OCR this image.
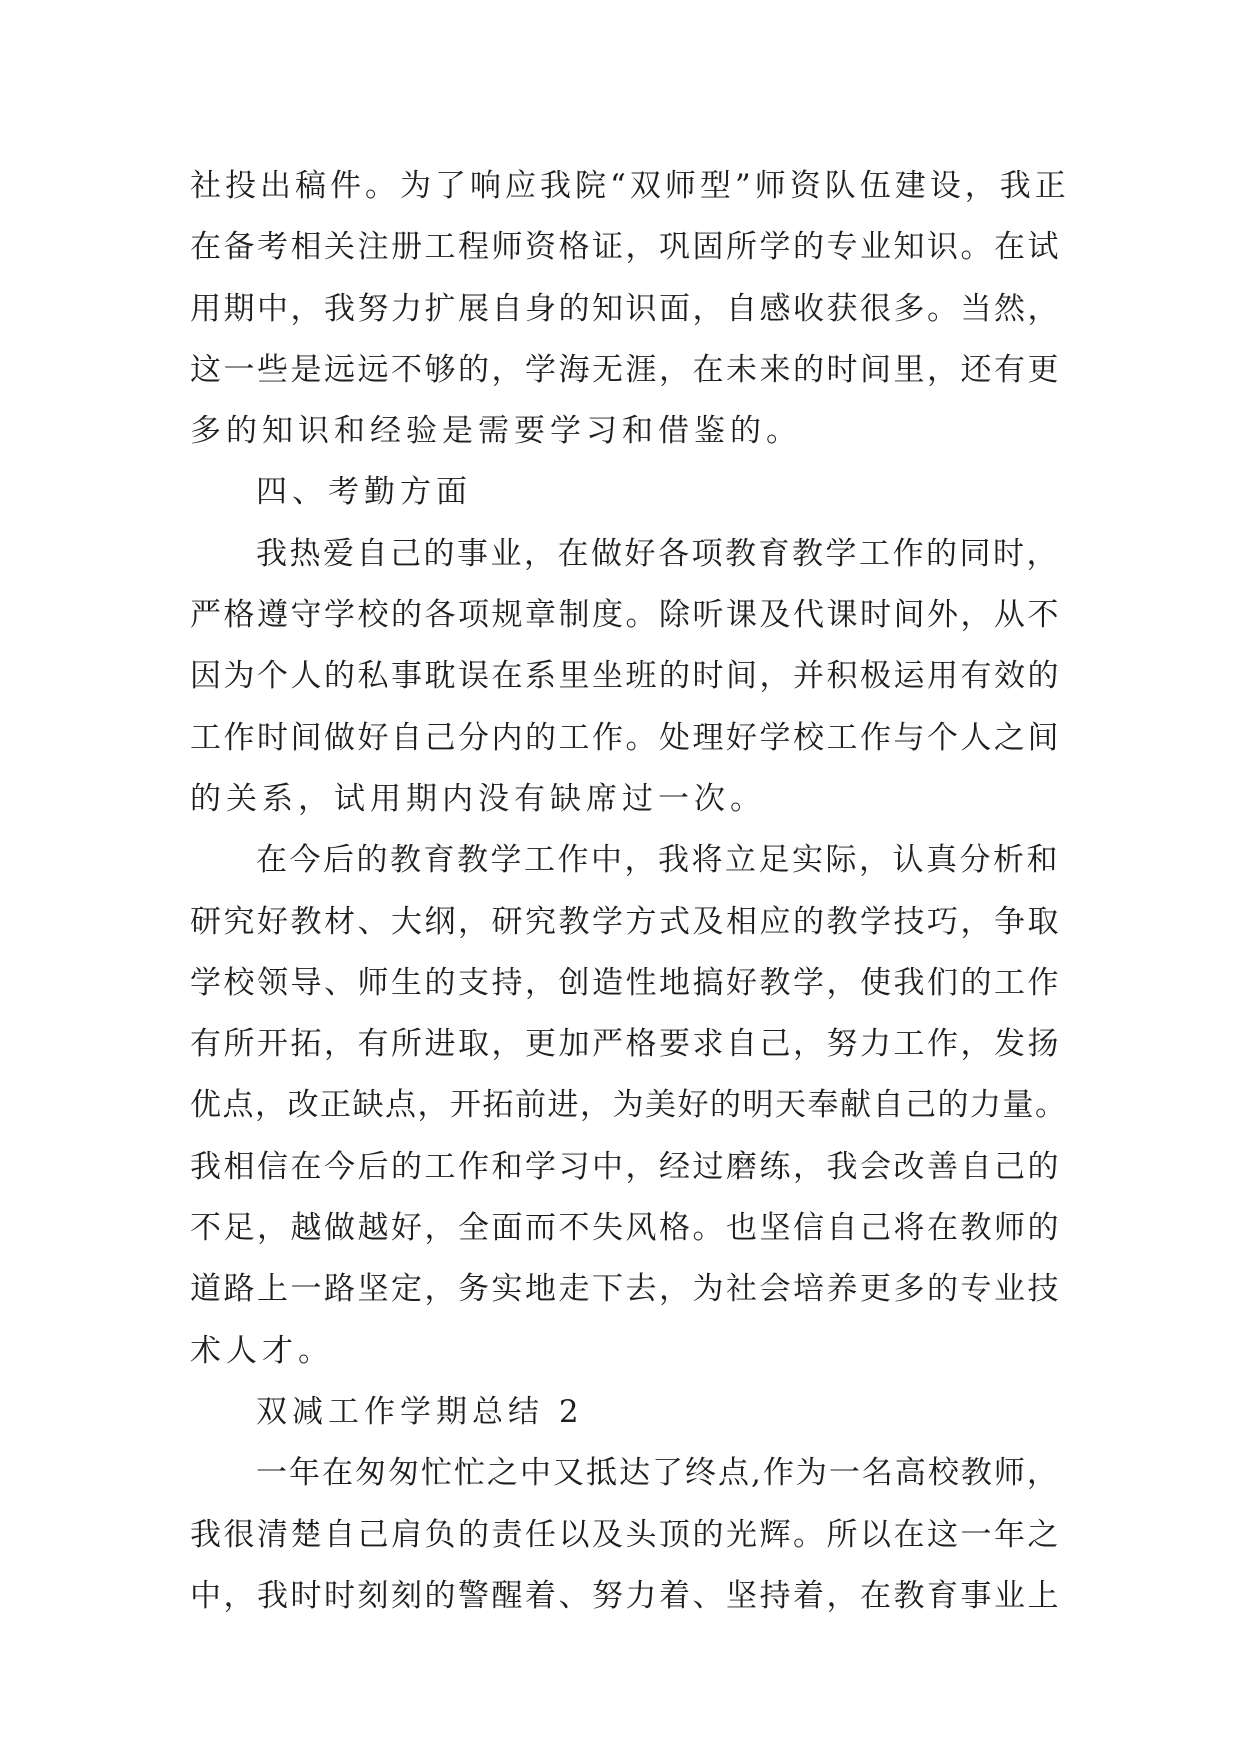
社投出稿件。为了响应我院“双师型”师资队伍建设，我正
在备考相关注册工程师资格证，巩固所学的专业知识。在试
用期中，我努力扩展自身的知识面，自感收获很多。当然，
这一些是远远不够的，学海无涯，在未来的时间里，还有更
多的知识和经验是需要学习和借鉴的。
四、考勤方面
我热爱自己的事业，在做好各项教育教学工作的同时，
严格遵守学校的各项规章制度。除听课及代课时间外，从不
因为个人的私事耽误在系里坐班的时间，并积极运用有效的
工作时间做好自己分内的工作。处理好学校工作与个人之间
的关系，试用期内没有缺席过一次。
在今后的教育教学工作中，我将立足实际，认真分析和
研究好教材、大纲，研究教学方式及相应的教学技巧，争取
学校领导、师生的支持，创造性地搞好教学，使我们的工作
有所开拓，有所进取，更加严格要求自己，努力工作，发扬
优点，改正缺点，开拓前进，为美好的明天奉献自己的力量。
我相信在今后的工作和学习中，经过磨练，我会改善自己的
不足，越做越好，全面而不失风格。也坚信自己将在教师的
道路上一路坚定，务实地走下去，为社会培养更多的专业技
术人才。
双减工作学期总结 2
一年在匆匆忙忙之中又抵达了终点,作为一名高校教师，
我很清楚自己肩负的责任以及头顶的光辉。所以在这一年之
中，我时时刻刻的警醒着、努力着、坚持着，在教育事业上
